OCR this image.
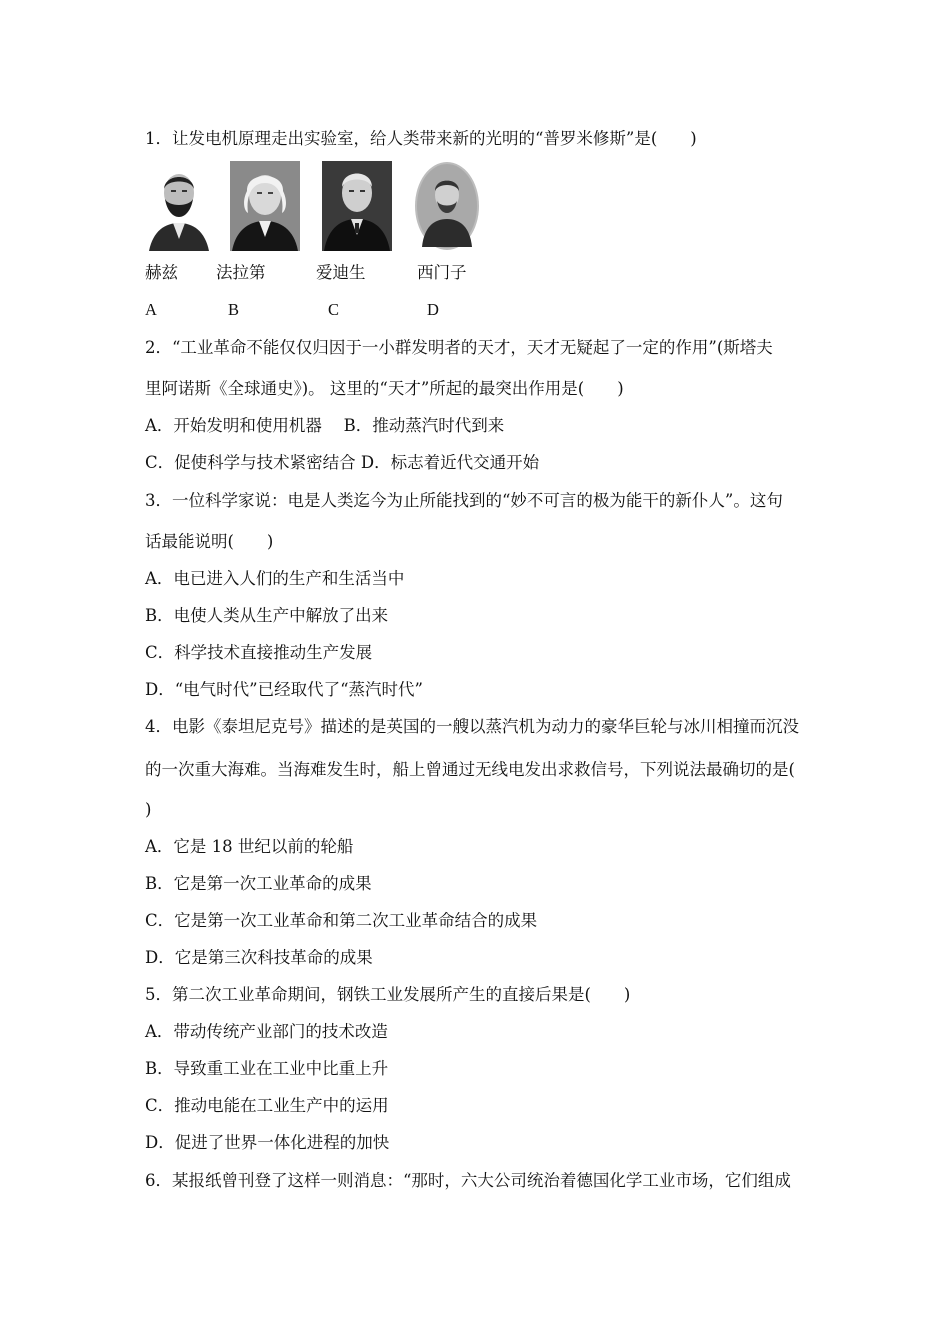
1．让发电机原理走出实验室，给人类带来新的光明的“普罗米修斯”是(　　)
赫兹 法拉第	爱迪生	西门子
A	B	C	D
2．“工业革命不能仅仅归因于一小群发明者的天才，天才无疑起了一定的作用”(斯塔夫
里阿诺斯《全球通史》)。 这里的“天才”所起的最突出作用是(　　)
A．开始发明和使用机器　 B．推动蒸汽时代到来
C．促使科学与技术紧密结合 D．标志着近代交通开始
3．一位科学家说：电是人类迄今为止所能找到的“妙不可言的极为能干的新仆人”。这句
话最能说明(　　)
A．电已进入人们的生产和生活当中
B．电使人类从生产中解放了出来
C．科学技术直接推动生产发展
D．“电气时代”已经取代了“蒸汽时代”
4．电影《泰坦尼克号》描述的是英国的一艘以蒸汽机为动力的豪华巨轮与冰川相撞而沉没
的一次重大海难。当海难发生时，船上曾通过无线电发出求救信号，下列说法最确切的是(
)
A．它是 18 世纪以前的轮船
B．它是第一次工业革命的成果
C．它是第一次工业革命和第二次工业革命结合的成果
D．它是第三次科技革命的成果
5．第二次工业革命期间，钢铁工业发展所产生的直接后果是(　　)
A．带动传统产业部门的技术改造
B．导致重工业在工业中比重上升
C．推动电能在工业生产中的运用
D．促进了世界一体化进程的加快
6．某报纸曾刊登了这样一则消息：“那时，六大公司统治着德国化学工业市场，它们组成
